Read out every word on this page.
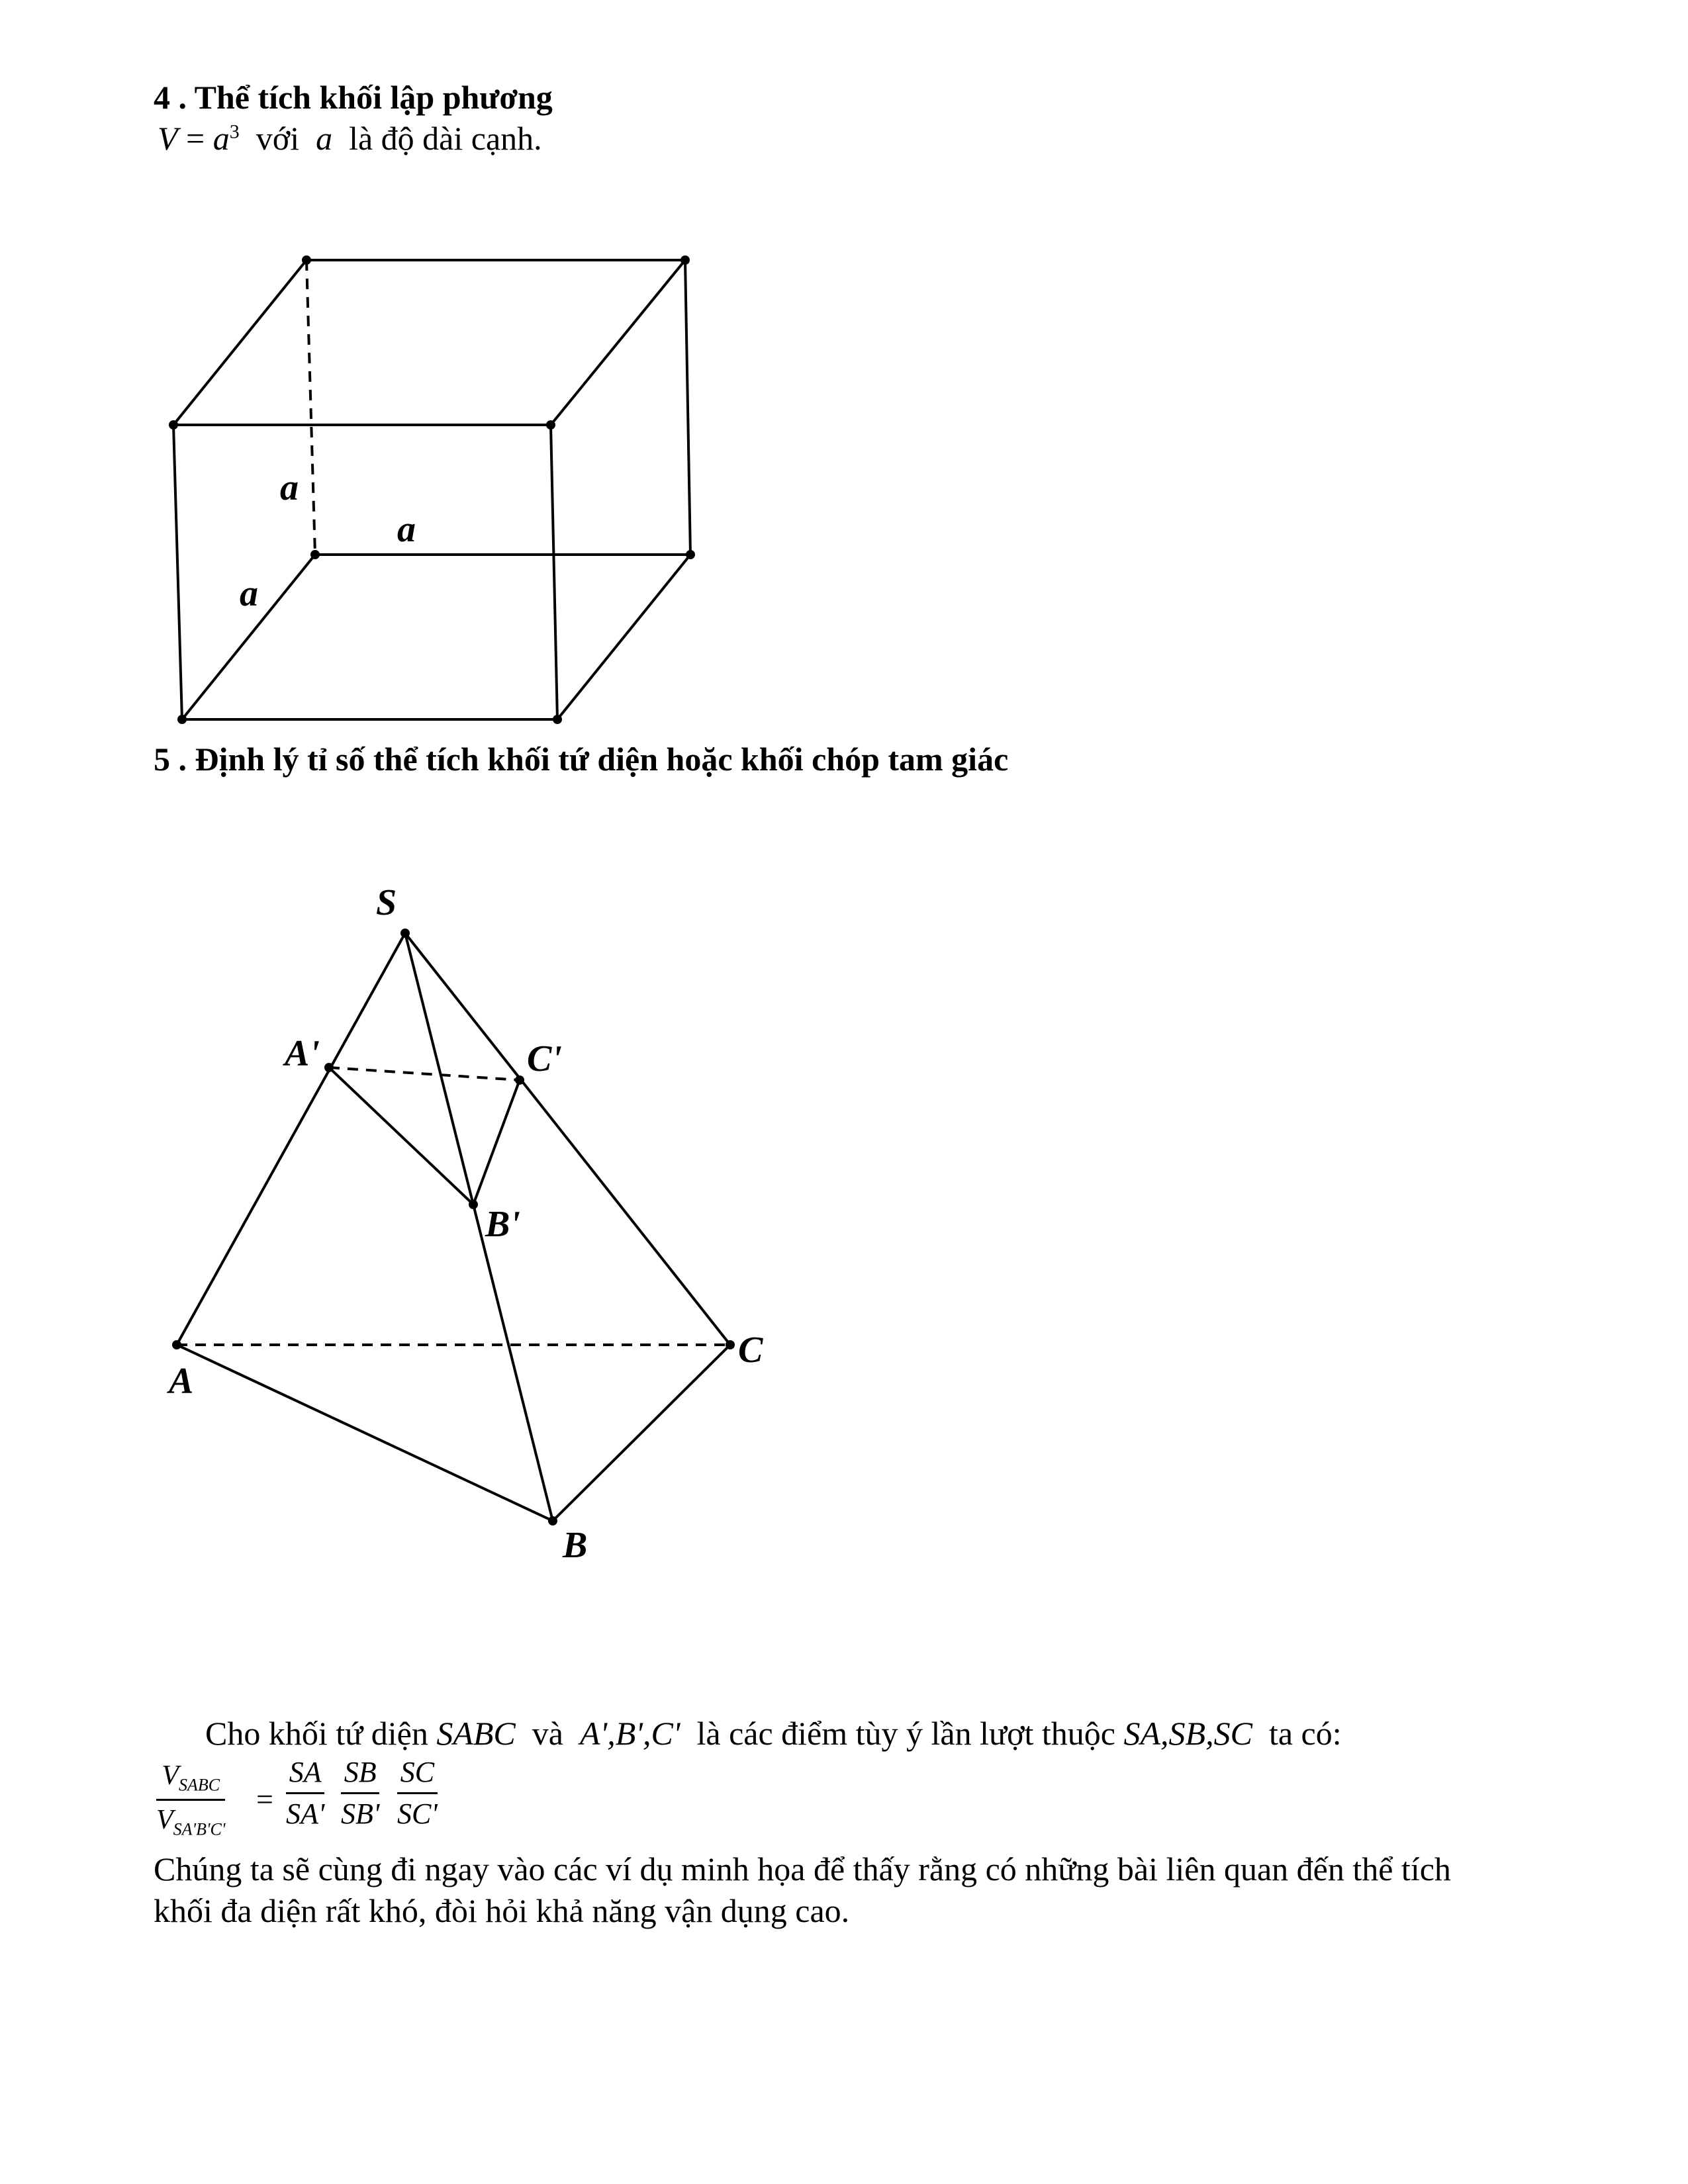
4 . Thể tích khối lập phương
$V = a^3$ với a là độ dài cạnh.
a
a
a
5 . Định lý tỉ số thể tích khối tứ diện hoặc khối chóp tam giác
S
A'	C'
B'
A
C
B
Cho khối tứ diện SABC và A',B',C' là các điểm tùy ý lần lượt thuộc SA,SB,SC ta có:
$V_{SABC}$
$V_{SA'B'C'}$
=
SA
SA'
SB
SB'
SC
SC'
Chúng ta sẽ cùng đi ngay vào các ví dụ minh họa để thấy rằng có những bài liên quan đến thể tích
khối đa diện rất khó, đòi hỏi khả năng vận dụng cao.
